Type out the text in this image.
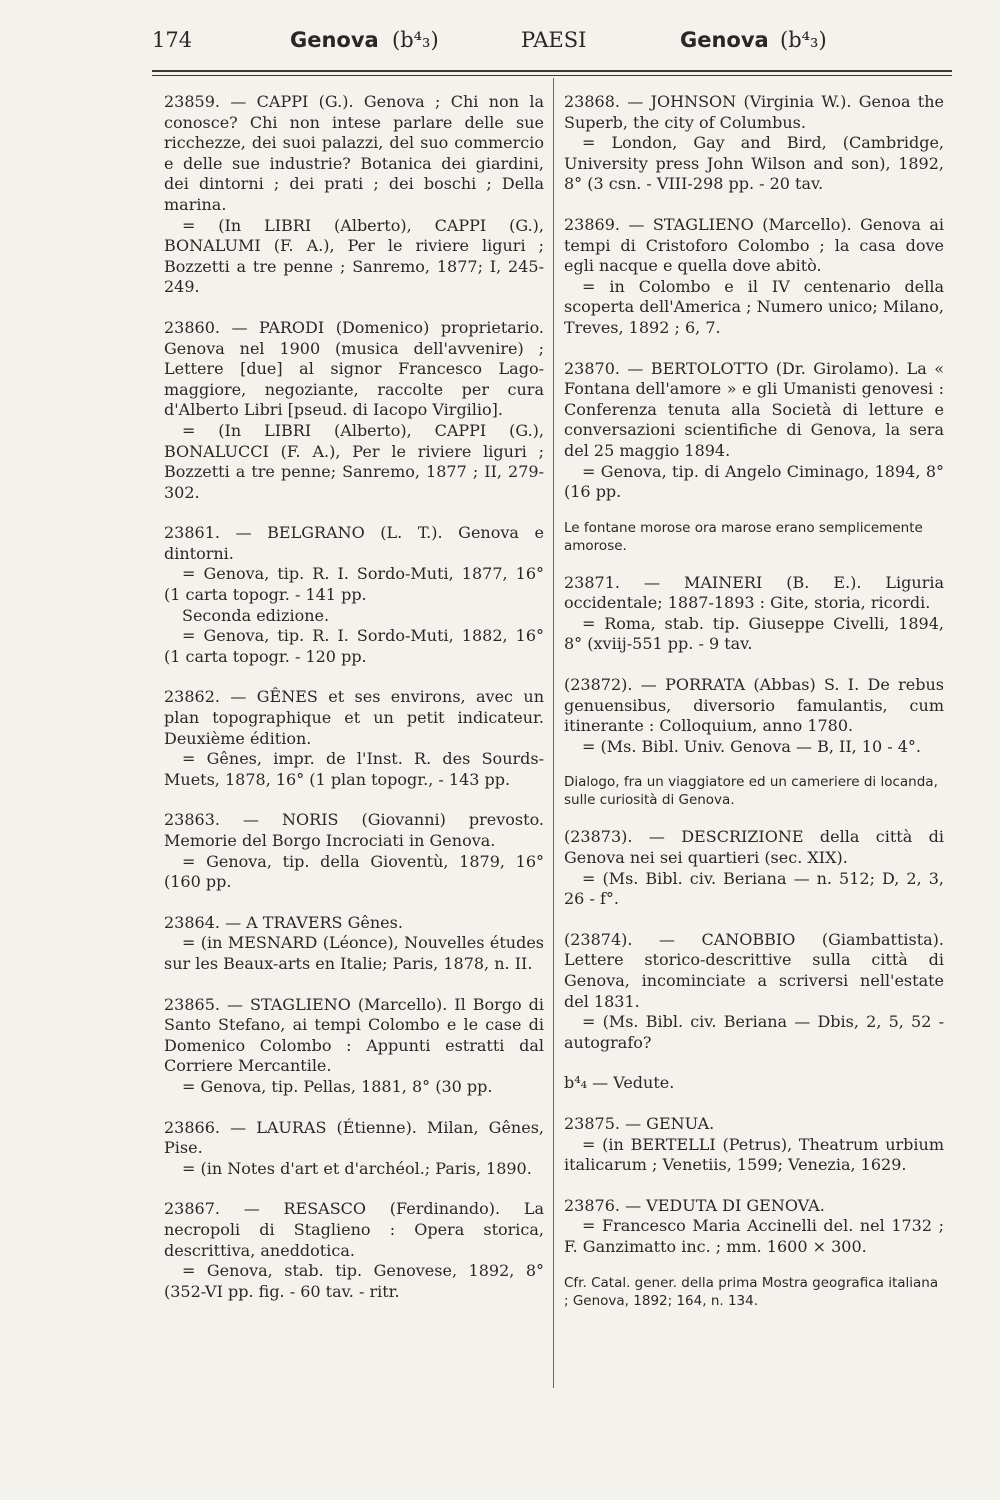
174	Genova (b⁴₃)	PAESI	Genova (b⁴₃)

23859. — CAPPI (G.). Genova ; Chi non la conosce? Chi non intese parlare delle sue ricchezze, dei suoi palazzi, del suo commercio e delle sue industrie? Botanica dei giardini, dei dintorni ; dei prati ; dei boschi ; Della marina.

= (In LIBRI (Alberto), CAPPI (G.), BONALUMI (F. A.), Per le riviere liguri ; Bozzetti a tre penne ; Sanremo, 1877; I, 245-249.

23860. — PARODI (Domenico) proprietario. Genova nel 1900 (musica dell'avvenire) ; Lettere [due] al signor Francesco Lago-maggiore, negoziante, raccolte per cura d'Alberto Libri [pseud. di Iacopo Virgilio].

= (In LIBRI (Alberto), CAPPI (G.), BONALUCCI (F. A.), Per le riviere liguri ; Bozzetti a tre penne; Sanremo, 1877 ; II, 279-302.

23861. — BELGRANO (L. T.). Genova e dintorni.

= Genova, tip. R. I. Sordo-Muti, 1877, 16° (1 carta topogr. - 141 pp.

Seconda edizione.

= Genova, tip. R. I. Sordo-Muti, 1882, 16° (1 carta topogr. - 120 pp.

23862. — GÊNES et ses environs, avec un plan topographique et un petit indicateur. Deuxième édition.

= Gênes, impr. de l'Inst. R. des Sourds-Muets, 1878, 16° (1 plan topogr., - 143 pp.

23863. — NORIS (Giovanni) prevosto. Memorie del Borgo Incrociati in Genova.

= Genova, tip. della Gioventù, 1879, 16° (160 pp.

23864. — A TRAVERS Gênes.

= (in MESNARD (Léonce), Nouvelles études sur les Beaux-arts en Italie; Paris, 1878, n. II.

23865. — STAGLIENO (Marcello). Il Borgo di Santo Stefano, ai tempi Colombo e le case di Domenico Colombo : Appunti estratti dal Corriere Mercantile.

= Genova, tip. Pellas, 1881, 8° (30 pp.

23866. — LAURAS (Étienne). Milan, Gênes, Pise.

= (in Notes d'art et d'archéol.; Paris, 1890.

23867. — RESASCO (Ferdinando). La necropoli di Staglieno : Opera storica, descrittiva, aneddotica.

= Genova, stab. tip. Genovese, 1892, 8° (352-VI pp. fig. - 60 tav. - ritr.

23868. — JOHNSON (Virginia W.). Genoa the Superb, the city of Columbus.

= London, Gay and Bird, (Cambridge, University press John Wilson and son), 1892, 8° (3 csn. - VIII-298 pp. - 20 tav.

23869. — STAGLIENO (Marcello). Genova ai tempi di Cristoforo Colombo ; la casa dove egli nacque e quella dove abitò.

= in Colombo e il IV centenario della scoperta dell'America ; Numero unico; Milano, Treves, 1892 ; 6, 7.

23870. — BERTOLOTTO (Dr. Girolamo). La « Fontana dell'amore » e gli Umanisti genovesi : Conferenza tenuta alla Società di letture e conversazioni scientifiche di Genova, la sera del 25 maggio 1894.

= Genova, tip. di Angelo Ciminago, 1894, 8° (16 pp.

Le fontane morose ora marose erano semplicemente amorose.

23871. — MAINERI (B. E.). Liguria occidentale; 1887-1893 : Gite, storia, ricordi.

= Roma, stab. tip. Giuseppe Civelli, 1894, 8° (xviij-551 pp. - 9 tav.

(23872). — PORRATA (Abbas) S. I. De rebus genuensibus, diversorio famulantis, cum itinerante : Colloquium, anno 1780.

= (Ms. Bibl. Univ. Genova — B, II, 10 - 4°.

Dialogo, fra un viaggiatore ed un cameriere di locanda, sulle curiosità di Genova.

(23873). — DESCRIZIONE della città di Genova nei sei quartieri (sec. XIX).

= (Ms. Bibl. civ. Beriana — n. 512; D, 2, 3, 26 - f°.

(23874). — CANOBBIO (Giambattista). Lettere storico-descrittive sulla città di Genova, incominciate a scriversi nell'estate del 1831.

= (Ms. Bibl. civ. Beriana — Dbis, 2, 5, 52 - autografo?

b⁴₄ — Vedute.

23875. — GENUA.

= (in BERTELLI (Petrus), Theatrum urbium italicarum ; Venetiis, 1599; Venezia, 1629.

23876. — VEDUTA DI GENOVA.

= Francesco Maria Accinelli del. nel 1732 ; F. Ganzimatto inc. ; mm. 1600 × 300.

Cfr. Catal. gener. della prima Mostra geografica italiana ; Genova, 1892; 164, n. 134.
